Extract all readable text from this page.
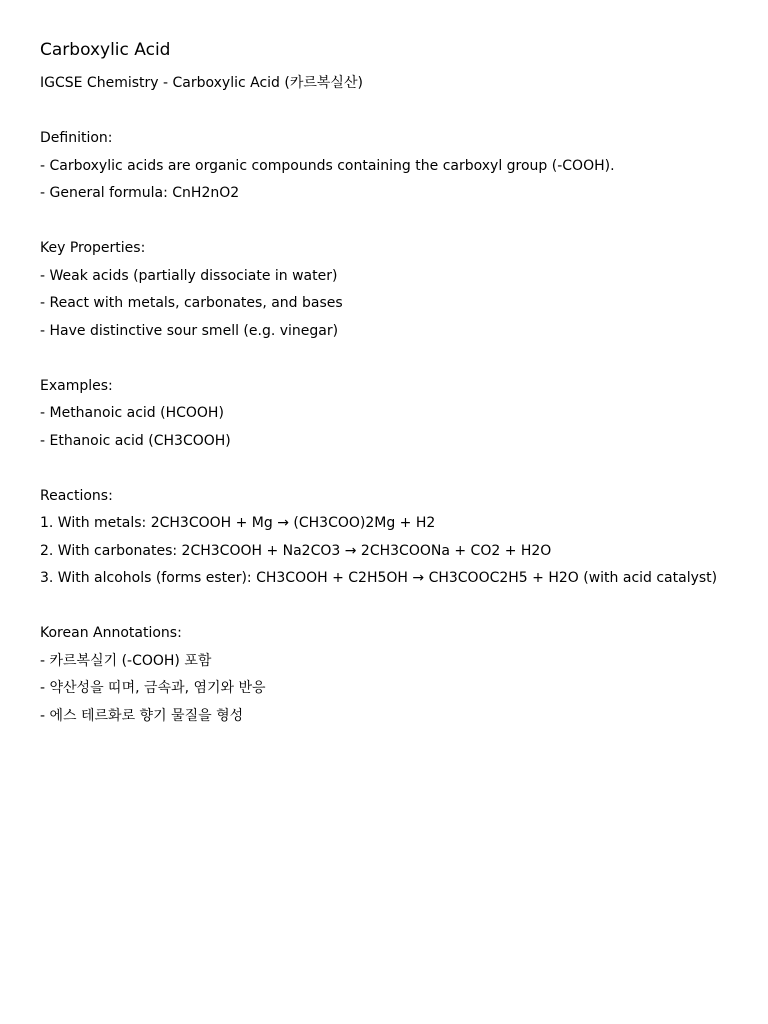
Carboxylic Acid

IGCSE Chemistry - Carboxylic Acid (카르복실산)

Definition:

- Carboxylic acids are organic compounds containing the carboxyl group (-COOH).

- General formula: CnH2nO2

Key Properties:

- Weak acids (partially dissociate in water)

- React with metals, carbonates, and bases

- Have distinctive sour smell (e.g. vinegar)

Examples:

- Methanoic acid (HCOOH)

- Ethanoic acid (CH3COOH)

Reactions:

1. With metals: 2CH3COOH + Mg → (CH3COO)2Mg + H2

2. With carbonates: 2CH3COOH + Na2CO3 → 2CH3COONa + CO2 + H2O

3. With alcohols (forms ester): CH3COOH + C2H5OH → CH3COOC2H5 + H2O (with acid catalyst)

Korean Annotations:

- 카르복실기 (-COOH) 포함

- 약산성을 띠며, 금속과, 염기와 반응

- 에스 테르화로 향기 물질을 형성
